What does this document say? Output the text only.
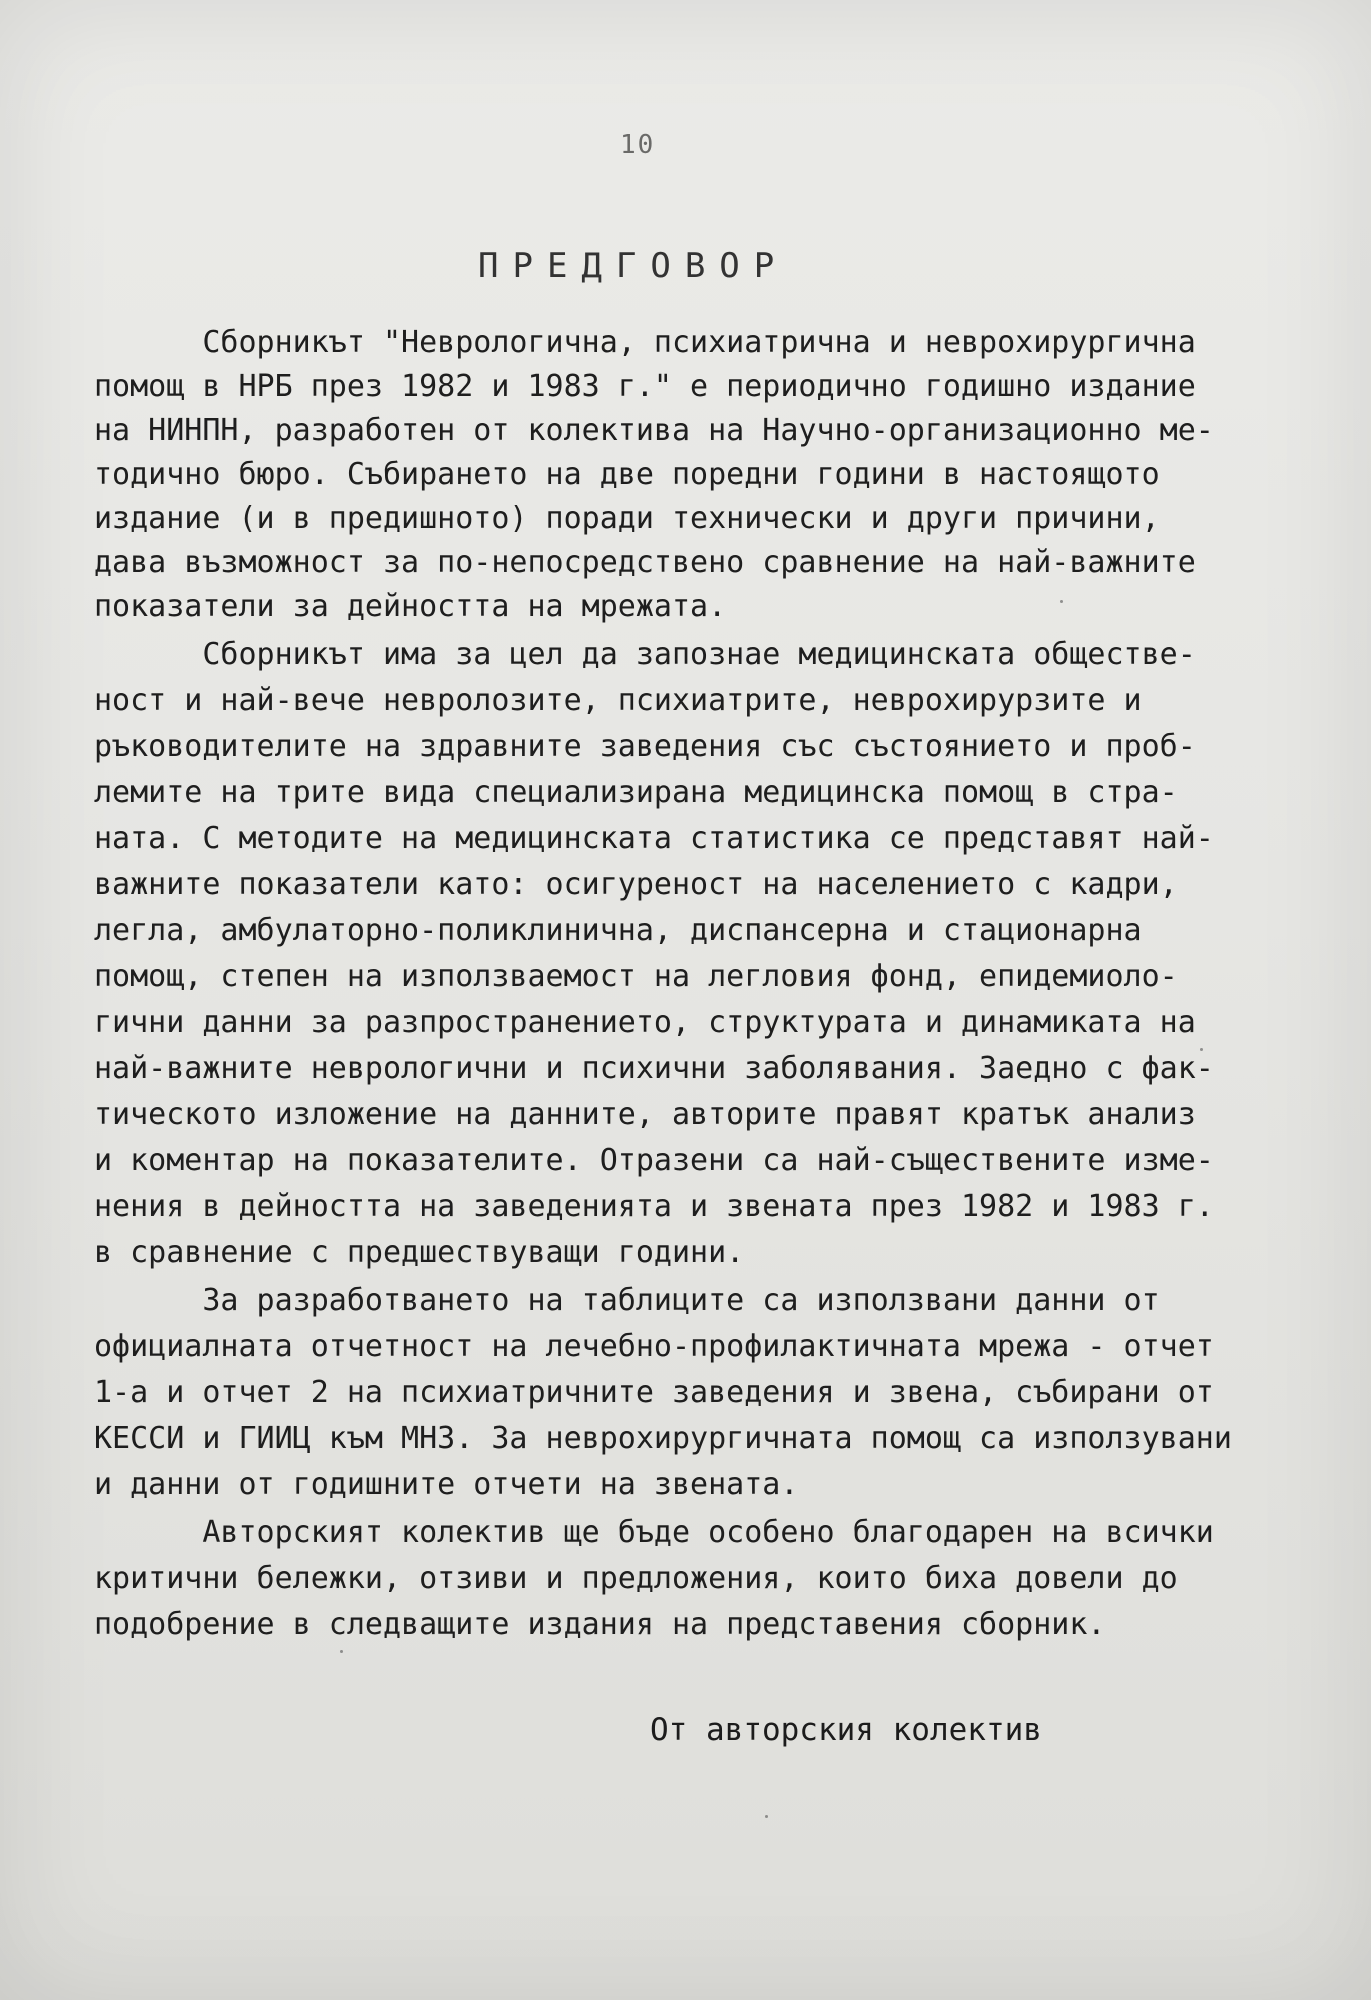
10
ПРЕДГОВОР
Сборникът "Неврологична, психиатрична и неврохирургична
помощ в НРБ през 1982 и 1983 г." е периодично годишно издание
на НИНПН, разработен от колектива на Научно-организационно ме-
тодично бюро. Събирането на две поредни години в настоящото
издание (и в предишното) поради технически и други причини,
дава възможност за по-непосредствено сравнение на най-важните
показатели за дейността на мрежата.
Сборникът има за цел да запознае медицинската обществе-
ност и най-вече невролозите, психиатрите, неврохирурзите и
ръководителите на здравните заведения със състоянието и проб-
лемите на трите вида специализирана медицинска помощ в стра-
ната. С методите на медицинската статистика се представят най-
важните показатели като: осигуреност на населението с кадри,
легла, амбулаторно-поликлинична, диспансерна и стационарна
помощ, степен на използваемост на легловия фонд, епидемиоло-
гични данни за разпространението, структурата и динамиката на
най-важните неврологични и психични заболявания. Заедно с фак-
тическото изложение на данните, авторите правят кратък анализ
и коментар на показателите. Отразени са най-съществените изме-
нения в дейността на заведенията и звената през 1982 и 1983 г.
в сравнение с предшествуващи години.
За разработването на таблиците са използвани данни от
официалната отчетност на лечебно-профилактичната мрежа - отчет
1-а и отчет 2 на психиатричните заведения и звена, събирани от
КЕССИ и ГИИЦ към МНЗ. За неврохирургичната помощ са използувани
и данни от годишните отчети на звената.
Авторският колектив ще бъде особено благодарен на всички
критични бележки, отзиви и предложения, които биха довели до
подобрение в следващите издания на представения сборник.
От авторския колектив
